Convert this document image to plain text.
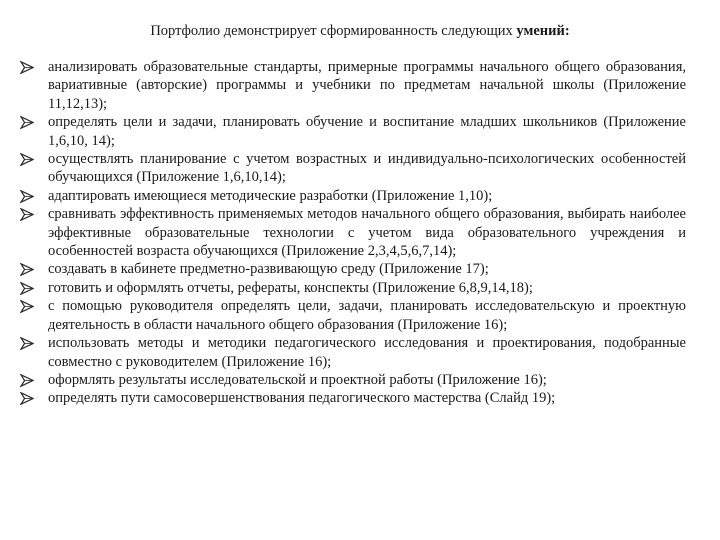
Портфолио демонстрирует сформированность следующих умений:
анализировать образовательные стандарты, примерные программы начального общего образования, вариативные (авторские) программы и учебники по предметам начальной школы (Приложение 11,12,13);
определять цели и задачи, планировать обучение и воспитание младших школьников (Приложение 1,6,10, 14);
осуществлять планирование с учетом возрастных и индивидуально-психологических особенностей обучающихся (Приложение 1,6,10,14);
адаптировать имеющиеся методические разработки (Приложение 1,10);
сравнивать эффективность применяемых методов начального общего образования, выбирать наиболее эффективные образовательные технологии с учетом вида образовательного учреждения и особенностей возраста обучающихся (Приложение 2,3,4,5,6,7,14);
создавать в кабинете предметно-развивающую среду (Приложение 17);
готовить и оформлять отчеты, рефераты, конспекты (Приложение 6,8,9,14,18);
с помощью руководителя определять цели, задачи, планировать исследовательскую и проектную деятельность в области начального общего образования (Приложение 16);
использовать методы и методики педагогического исследования и проектирования, подобранные совместно с руководителем (Приложение 16);
оформлять результаты исследовательской и проектной работы (Приложение 16);
определять пути самосовершенствования педагогического мастерства (Слайд 19);
